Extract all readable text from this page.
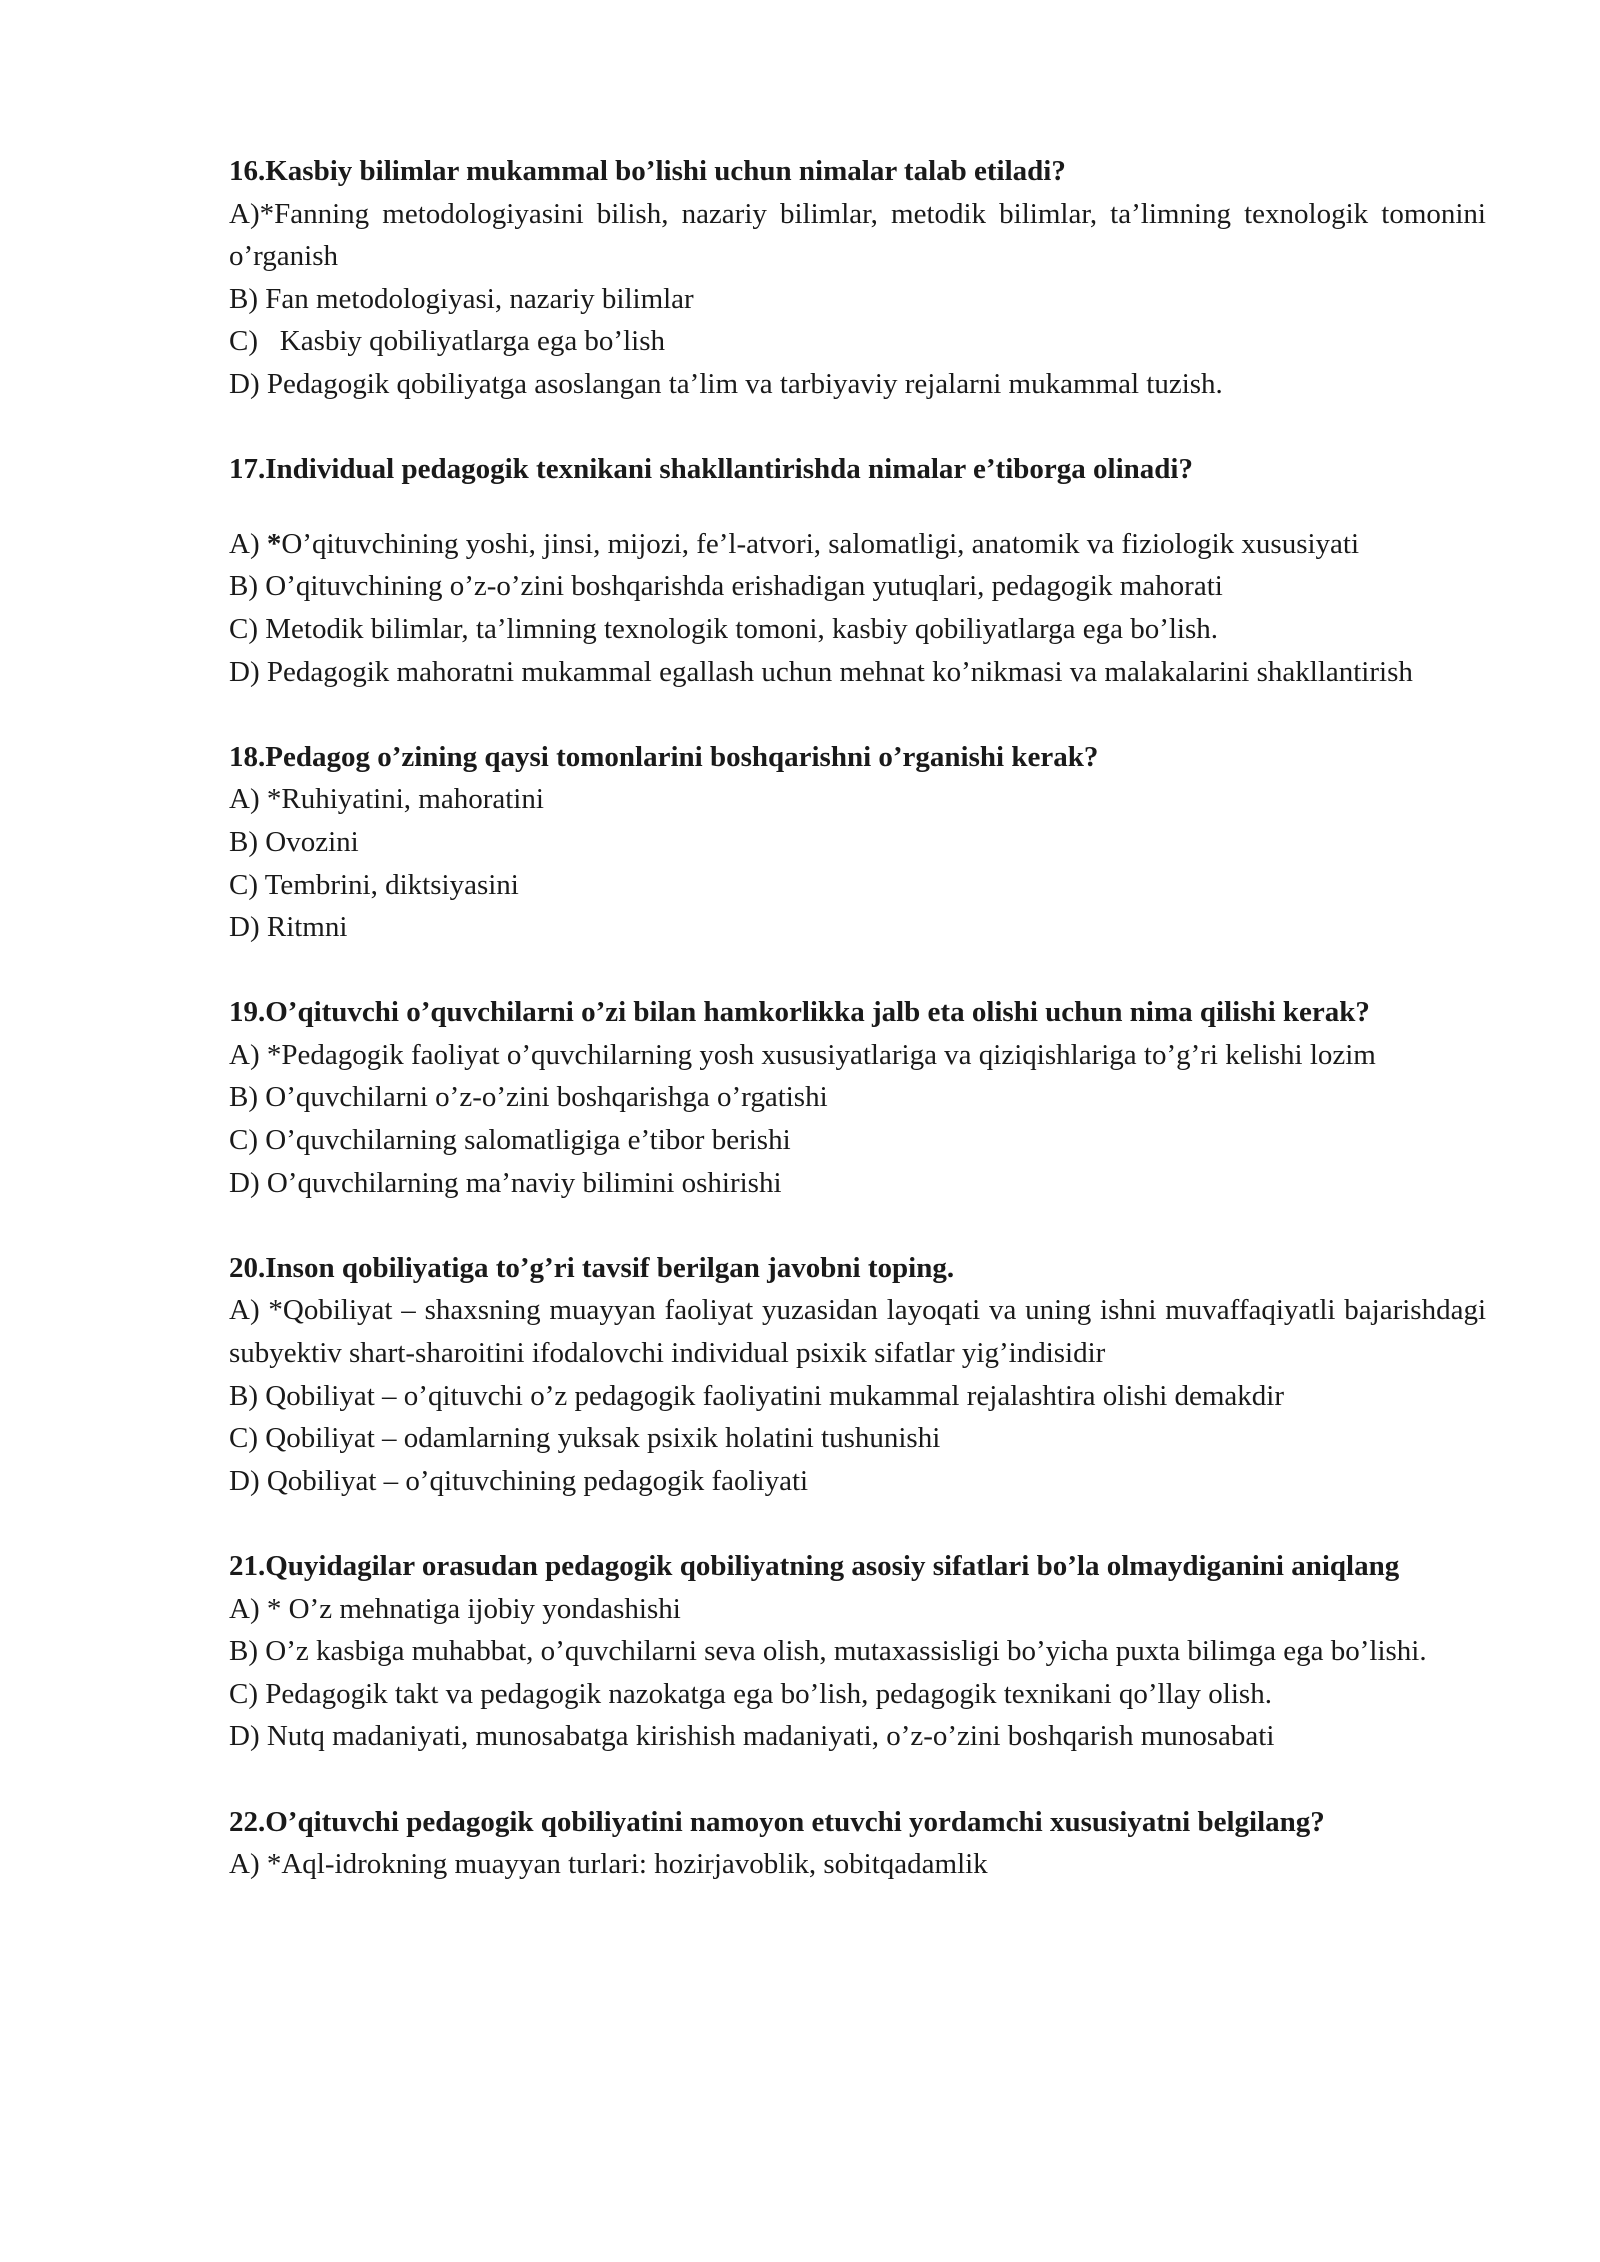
16.Kasbiy bilimlar mukammal bo’lishi uchun nimalar talab etiladi?

A)*Fanning metodologiyasini bilish, nazariy bilimlar, metodik bilimlar, ta’limning texnologik tomonini o’rganish

B) Fan metodologiyasi, nazariy bilimlar

C)   Kasbiy qobiliyatlarga ega bo’lish

D) Pedagogik qobiliyatga asoslangan ta’lim va tarbiyaviy rejalarni mukammal tuzish.

17.Individual pedagogik texnikani shakllantirishda nimalar e’tiborga olinadi?

A) *O’qituvchining yoshi, jinsi, mijozi, fe’l-atvori, salomatligi, anatomik va fiziologik xususiyati

B) O’qituvchining o’z-o’zini boshqarishda erishadigan yutuqlari, pedagogik mahorati

C) Metodik bilimlar, ta’limning texnologik tomoni, kasbiy qobiliyatlarga ega bo’lish.

D) Pedagogik mahoratni mukammal egallash uchun mehnat ko’nikmasi va malakalarini shakllantirish

18.Pedagog o’zining qaysi tomonlarini boshqarishni o’rganishi kerak?

A) *Ruhiyatini, mahoratini

B) Ovozini

C) Tembrini, diktsiyasini

D) Ritmni

19.O’qituvchi o’quvchilarni o’zi bilan hamkorlikka jalb eta olishi uchun nima qilishi kerak?

A) *Pedagogik faoliyat o’quvchilarning yosh xususiyatlariga va qiziqishlariga to’g’ri kelishi lozim

B) O’quvchilarni o’z-o’zini boshqarishga o’rgatishi

C) O’quvchilarning salomatligiga e’tibor berishi

D) O’quvchilarning ma’naviy bilimini oshirishi

20.Inson qobiliyatiga to’g’ri tavsif berilgan javobni toping.

A) *Qobiliyat – shaxsning muayyan faoliyat yuzasidan layoqati va uning ishni muvaffaqiyatli bajarishdagi subyektiv shart-sharoitini ifodalovchi individual psixik sifatlar yig’indisidir

B) Qobiliyat – o’qituvchi o’z pedagogik faoliyatini mukammal rejalashtira olishi demakdir

C) Qobiliyat – odamlarning yuksak psixik holatini tushunishi

D) Qobiliyat – o’qituvchining pedagogik faoliyati

21.Quyidagilar orasudan pedagogik qobiliyatning asosiy sifatlari bo’la olmaydiganini aniqlang

A) * O’z mehnatiga ijobiy yondashishi

B) O’z kasbiga muhabbat, o’quvchilarni seva olish, mutaxassisligi bo’yicha puxta bilimga ega bo’lishi.

C) Pedagogik takt va pedagogik nazokatga ega bo’lish, pedagogik texnikani qo’llay olish.

D) Nutq madaniyati, munosabatga kirishish madaniyati, o’z-o’zini boshqarish munosabati

22.O’qituvchi pedagogik qobiliyatini namoyon etuvchi yordamchi xususiyatni belgilang?

A) *Aql-idrokning muayyan turlari: hozirjavoblik, sobitqadamlik
